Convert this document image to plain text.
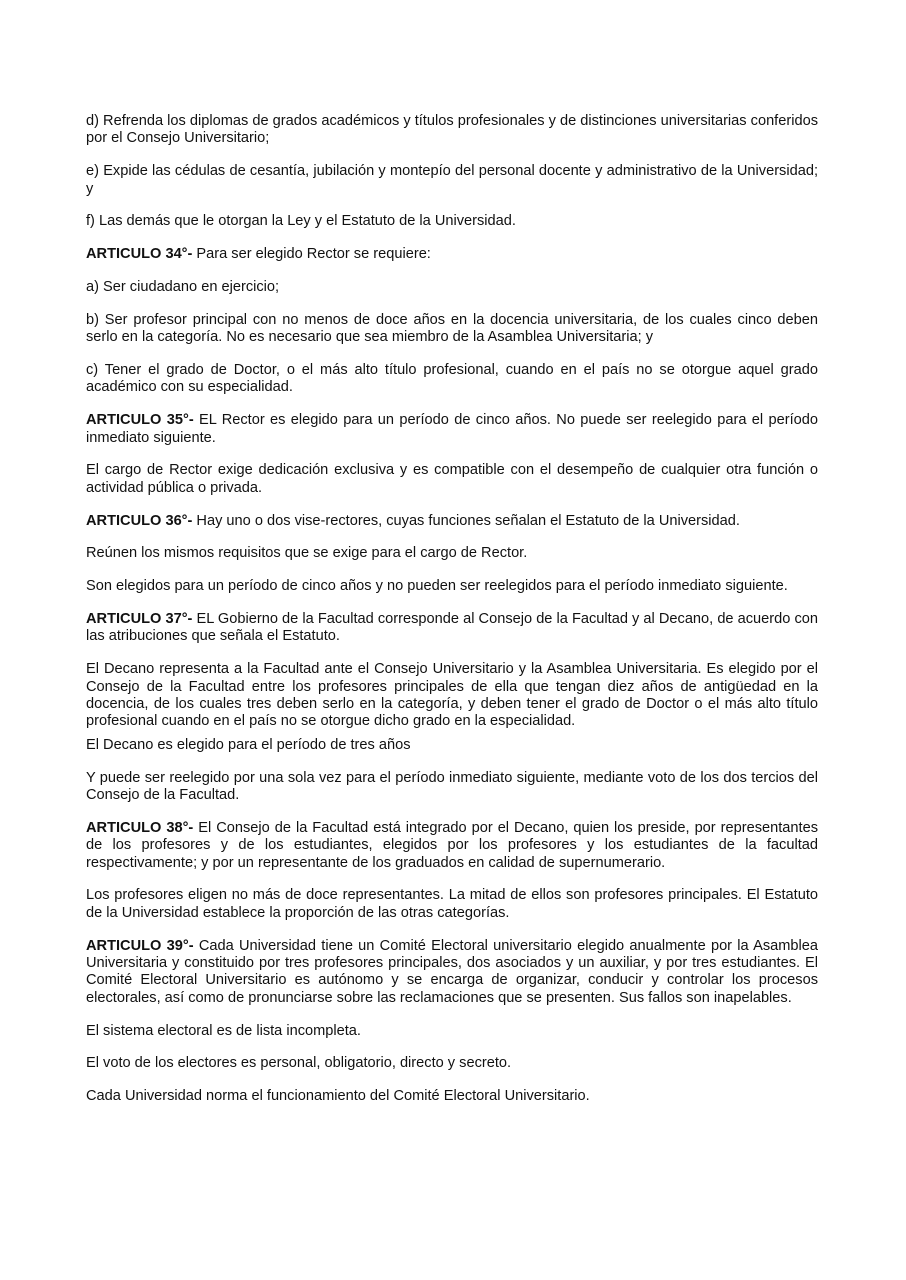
d) Refrenda los diplomas de grados académicos y títulos profesionales y de distinciones universitarias conferidos por el Consejo Universitario;

e) Expide las cédulas de cesantía, jubilación y montepío del personal docente y administrativo de la Universidad; y

f) Las demás que le otorgan la Ley y el Estatuto de la Universidad.

ARTICULO 34°- Para ser elegido Rector se requiere:

a) Ser ciudadano en ejercicio;

b) Ser profesor principal con no menos de doce años en la docencia universitaria, de los cuales cinco deben serlo en la categoría. No es necesario que sea miembro de la Asamblea Universitaria; y

c) Tener el grado de Doctor, o el más alto título profesional, cuando en el país no se otorgue aquel grado académico con su especialidad.

ARTICULO 35°- EL Rector es elegido para un período de cinco años. No puede ser reelegido para el período inmediato siguiente.

El cargo de Rector exige dedicación exclusiva y es compatible con el desempeño de cualquier otra función o actividad pública o privada.

ARTICULO 36°- Hay uno o dos vise-rectores, cuyas funciones señalan el Estatuto de la Universidad.

Reúnen los mismos requisitos que se exige para el cargo de Rector.

Son elegidos para un período de cinco años y no pueden ser reelegidos para el período inmediato siguiente.

ARTICULO 37°- EL Gobierno de la Facultad corresponde al Consejo de la Facultad y al Decano, de acuerdo con las atribuciones que señala el Estatuto.

El Decano representa a la Facultad ante el Consejo Universitario y la Asamblea Universitaria. Es elegido por el Consejo de la Facultad entre los profesores principales de ella que tengan diez años de antigüedad en la docencia, de los cuales tres deben serlo en la categoría, y deben tener el grado de Doctor o el más alto título profesional cuando en el país no se otorgue dicho grado en la especialidad.

El Decano es elegido para el período de tres años

Y puede ser reelegido por una sola vez para el período inmediato siguiente, mediante voto de los dos tercios del Consejo de la Facultad.

ARTICULO 38°- El Consejo de la Facultad está integrado por el Decano, quien los preside, por representantes de los profesores y de los estudiantes, elegidos por los profesores y los estudiantes de la facultad respectivamente; y por un representante de los graduados en calidad de supernumerario.

Los profesores eligen no más de doce representantes. La mitad de ellos son profesores principales. El Estatuto de la Universidad establece la proporción de las otras categorías.

ARTICULO 39°- Cada Universidad tiene un Comité Electoral universitario elegido anualmente por la Asamblea Universitaria y constituido por tres profesores principales, dos asociados y un auxiliar, y por tres estudiantes. El Comité Electoral Universitario es autónomo y se encarga de organizar, conducir y controlar los procesos electorales, así como de pronunciarse sobre las reclamaciones que se presenten. Sus fallos son inapelables.

El sistema electoral es de lista incompleta.

El voto de los electores es personal, obligatorio, directo y secreto.

Cada Universidad norma el funcionamiento del Comité Electoral Universitario.
